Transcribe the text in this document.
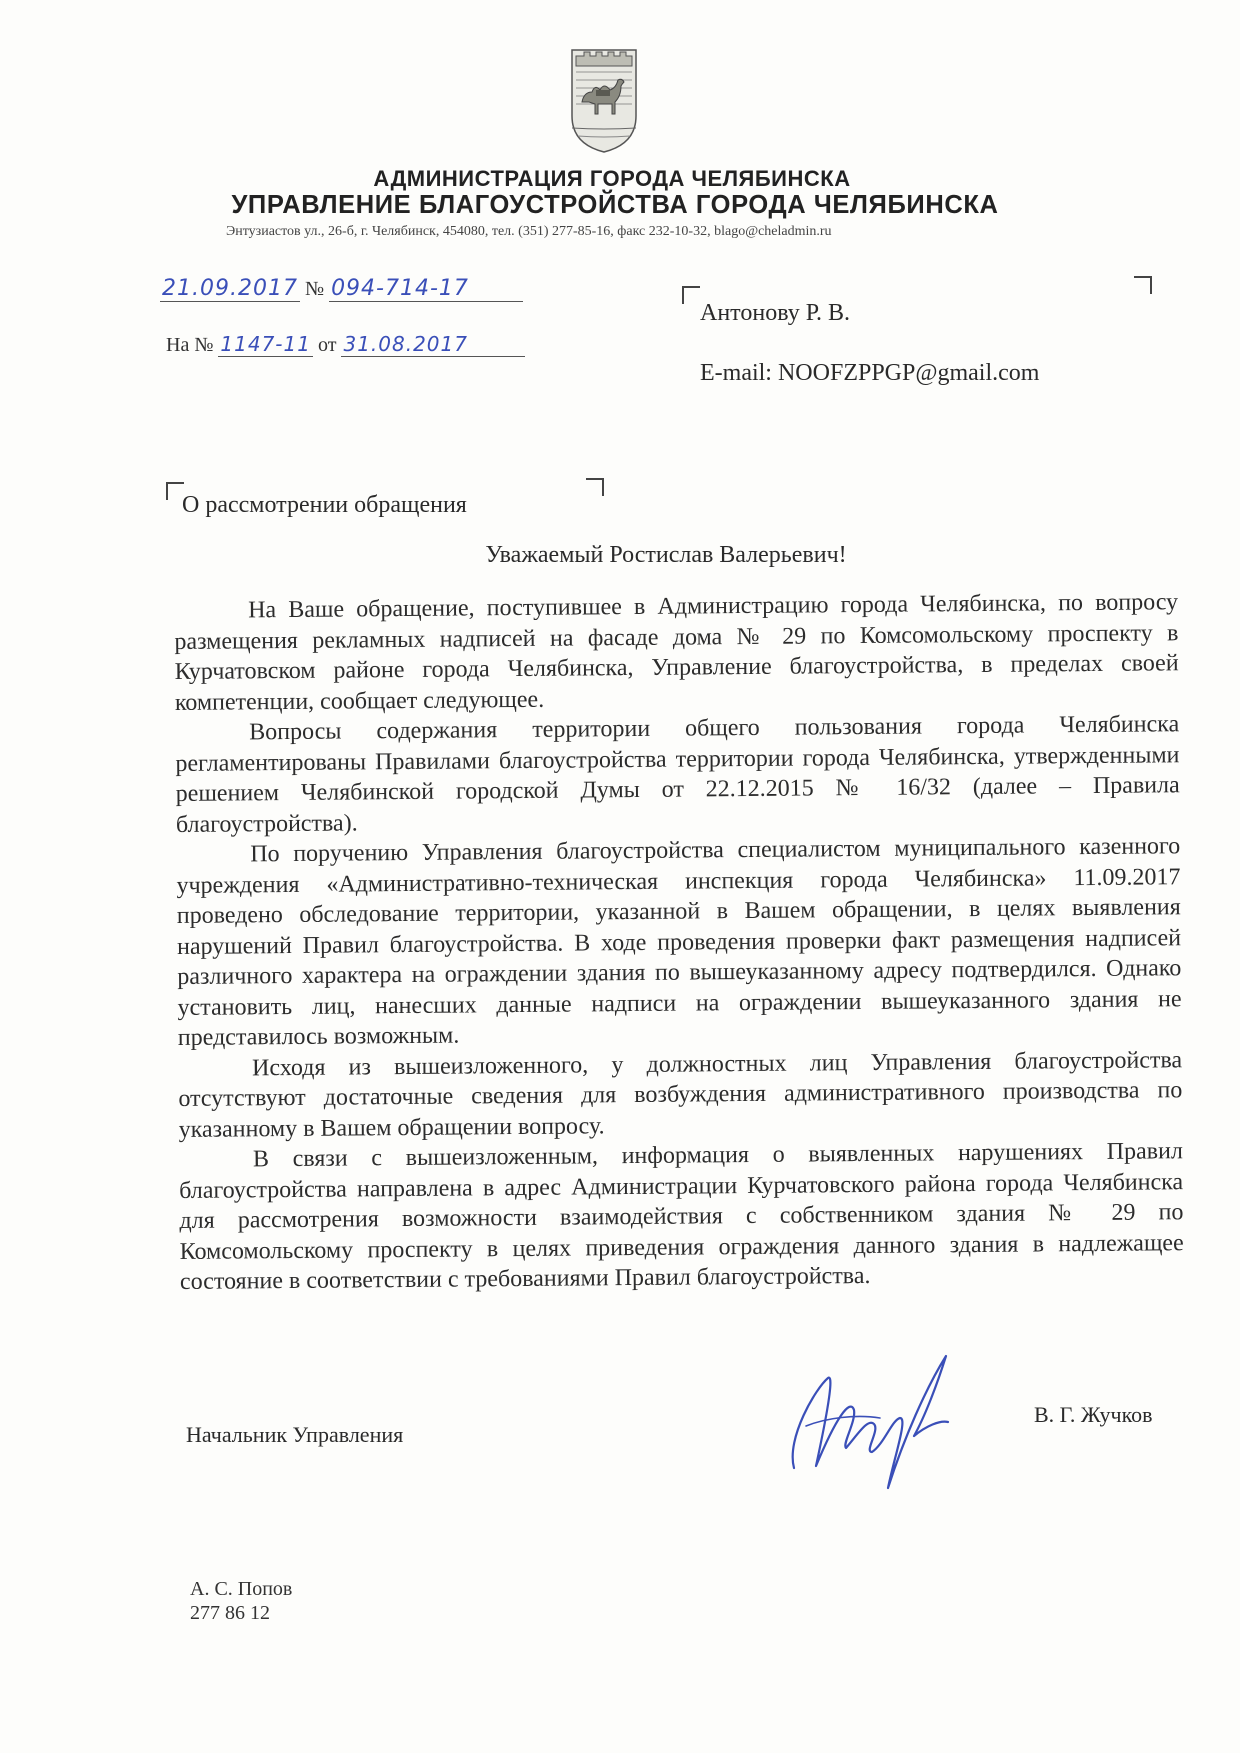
АДМИНИСТРАЦИЯ ГОРОДА ЧЕЛЯБИНСКА
УПРАВЛЕНИЕ БЛАГОУСТРОЙСТВА ГОРОДА ЧЕЛЯБИНСКА
Энтузиастов ул., 26-б, г. Челябинск, 454080, тел. (351) 277-85-16, факс 232-10-32, blago@cheladmin.ru
21.09.2017 № 094-714-17
На № 1147-11 от 31.08.2017
Антонову Р. В.
E-mail: NOOFZPPGP@gmail.com
О рассмотрении обращения
Уважаемый Ростислав Валерьевич!

На Ваше обращение, поступившее в Администрацию города Челябинска, по вопросу размещения рекламных надписей на фасаде дома № 29 по Комсомольскому проспекту в Курчатовском районе города Челябинска, Управление благоустройства, в пределах своей компетенции, сообщает следующее.

Вопросы содержания территории общего пользования города Челябинска регламентированы Правилами благоустройства территории города Челябинска, утвержденными решением Челябинской городской Думы от 22.12.2015 № 16/32 (далее – Правила благоустройства).

По поручению Управления благоустройства специалистом муниципального казенного учреждения «Административно-техническая инспекция города Челябинска» 11.09.2017 проведено обследование территории, указанной в Вашем обращении, в целях выявления нарушений Правил благоустройства. В ходе проведения проверки факт размещения надписей различного характера на ограждении здания по вышеуказанному адресу подтвердился. Однако установить лиц, нанесших данные надписи на ограждении вышеуказанного здания не представилось возможным.

Исходя из вышеизложенного, у должностных лиц Управления благоустройства отсутствуют достаточные сведения для возбуждения административного производства по указанному в Вашем обращении вопросу.

В связи с вышеизложенным, информация о выявленных нарушениях Правил благоустройства направлена в адрес Администрации Курчатовского района города Челябинска для рассмотрения возможности взаимодействия с собственником здания № 29 по Комсомольскому проспекту в целях приведения ограждения данного здания в надлежащее состояние в соответствии с требованиями Правил благоустройства.

Начальник Управления
В. Г. Жучков
А. С. Попов
277 86 12
